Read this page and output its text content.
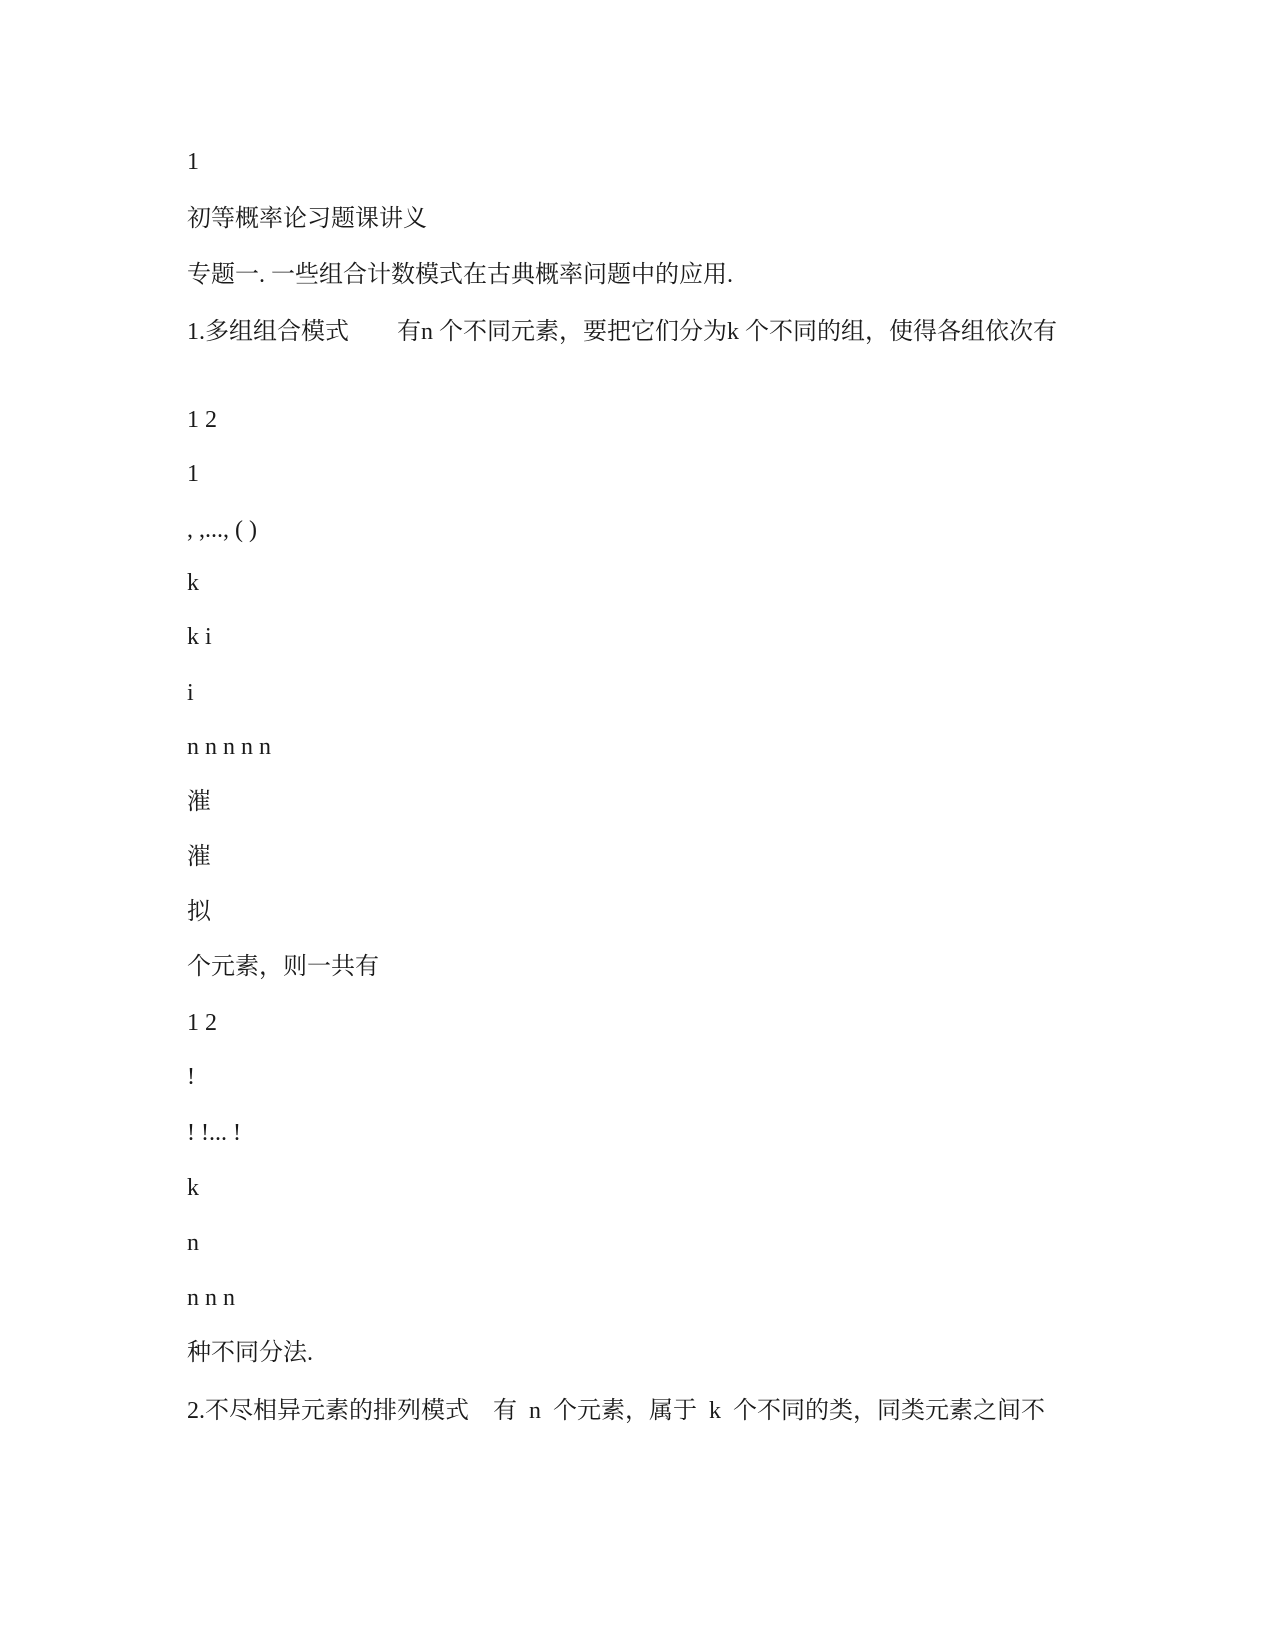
1
初等概率论习题课讲义
专题一. 一些组合计数模式在古典概率问题中的应用.
1.多组组合模式 有n 个不同元素，要把它们分为k 个不同的组，使得各组依次有
1 2
1
, ,..., ( )
k
k i
i
n n n n n
漼
漼
拟
个元素，则一共有
1 2
!
! !... !
k
n
n n n
种不同分法.
2.不尽相异元素的排列模式 有  n  个元素，属于  k  个不同的类，同类元素之间不
